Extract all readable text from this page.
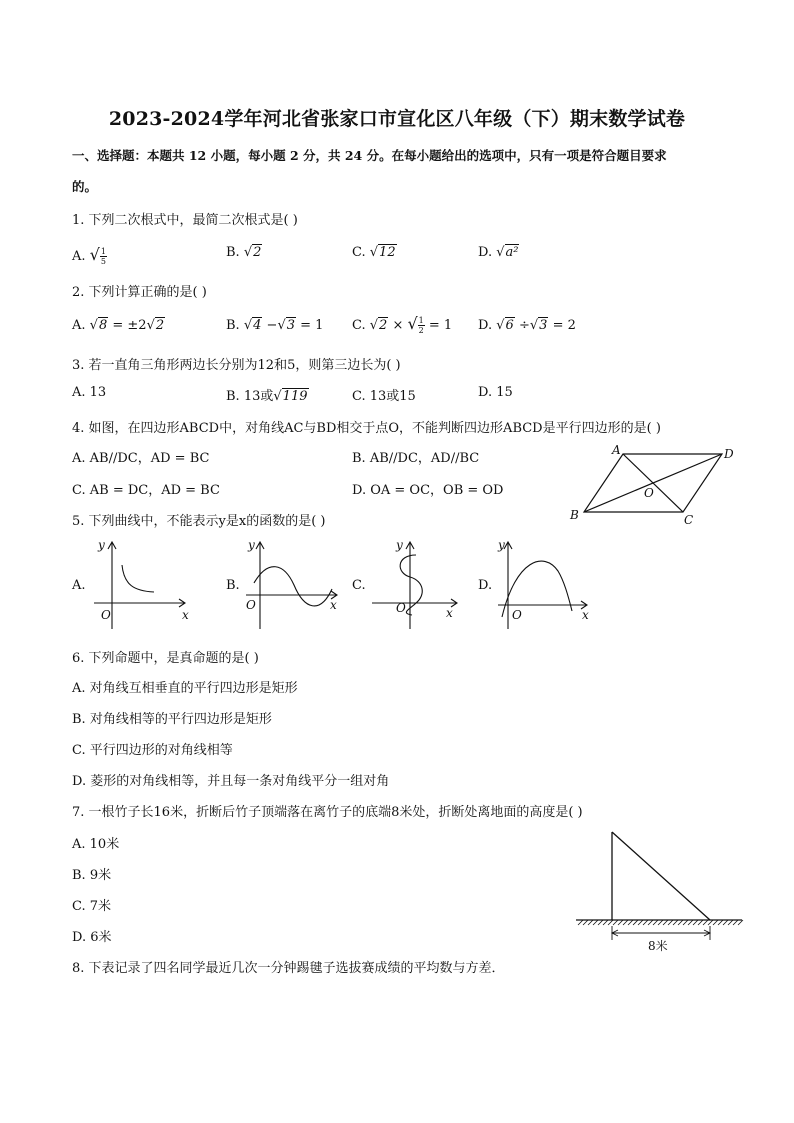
2023-2024学年河北省张家口市宣化区八年级（下）期末数学试卷
一、选择题：本题共 12 小题，每小题 2 分，共 24 分。在每小题给出的选项中，只有一项是符合题目要求
的。
1. 下列二次根式中，最简二次根式是( )
A. √ $\frac{1}{5}$	B. √2	C. √12	D. √a²
2. 下列计算正确的是( )
A. √8 = ±2√2	B. √4 −√3 = 1 C. √2 × √ $\frac{1}{2} = 1$ D. √6 ÷√3 = 2
3. 若一直角三角形两边长分别为12和5，则第三边长为( )
A. 13	B. 13或√119	C. 13或15	D. 15
4. 如图，在四边形ABCD中，对角线AC与BD相交于点O，不能判断四边形ABCD是平行四边形的是( )
A. AB//DC，AD = BC	B. AB//DC，AD//BC
C. AB = DC，AD = BC	D. OA = OC，OB = OD
A	D
B	C
O
5. 下列曲线中，不能表示y是x的函数的是( )
A.
y
x
O
B.
y
x
O
C.
y
x
O
D.
y
x
O
6. 下列命题中，是真命题的是( )
A. 对角线互相垂直的平行四边形是矩形
B. 对角线相等的平行四边形是矩形
C. 平行四边形的对角线相等
D. 菱形的对角线相等，并且每一条对角线平分一组对角
7. 一根竹子长16米，折断后竹子顶端落在离竹子的底端8米处，折断处离地面的高度是( )
A. 10米
B. 9米
C. 7米
D. 6米
8米
8. 下表记录了四名同学最近几次一分钟踢毽子选拔赛成绩的平均数与方差．
